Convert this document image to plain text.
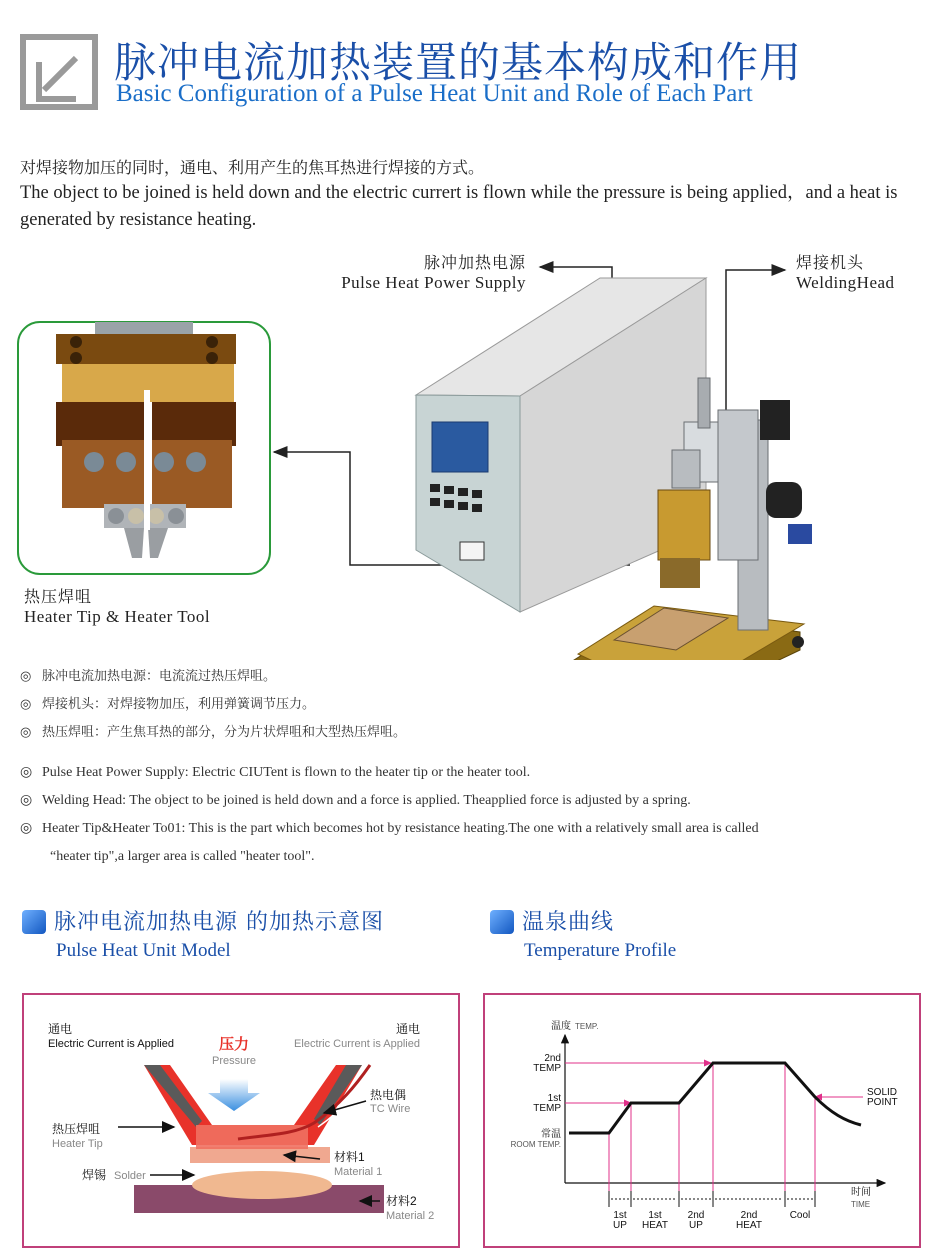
脉冲电流加热装置的基本构成和作用
Basic Configuration of a Pulse Heat Unit and Role of Each Part
对焊接物加压的同时，通电、利用产生的焦耳热进行焊接的方式。
The object to be joined is held down and the electric currert is flown while the pressure is being applied，and a heat is generated by resistance heating.
脉冲加热电源
Pulse Heat Power Supply
焊接机头
WeldingHead
热压焊咀
Heater Tip & Heater Tool
◎ 脉冲电流加热电源：电流流过热压焊咀。
◎ 焊接机头：对焊接物加压，利用弹簧调节压力。
◎ 热压焊咀：产生焦耳热的部分，分为片状焊咀和大型热压焊咀。
◎ Pulse Heat Power Supply: Electric CIUTent is flown to the heater tip or the heater tool.
◎ Welding Head: The object to be joined is held down and a force is applied. Theapplied force is adjusted by a spring.
◎ Heater Tip&Heater To01: This is the part which becomes hot by resistance heating.The one with a relatively small area is called
“heater tip",a larger area is called "heater tool".
脉冲电流加热电源 的加热示意图
Pulse Heat Unit Model
温泉曲线
Temperature Profile
通电
Electric Current is Applied
通电
Electric Current is Applied
压力
Pressure
热电偶
TC Wire
热压焊咀
Heater Tip
材料1
Material 1
焊锡 Solder
材料2
Material 2
温度 TEMP.
2nd
TEMP
1st
TEMP
常温
ROOM TEMP.
SOLID
POINT
时间
TIME
1st
UP
1st
HEAT
2nd
UP
2nd
HEAT
Cool
